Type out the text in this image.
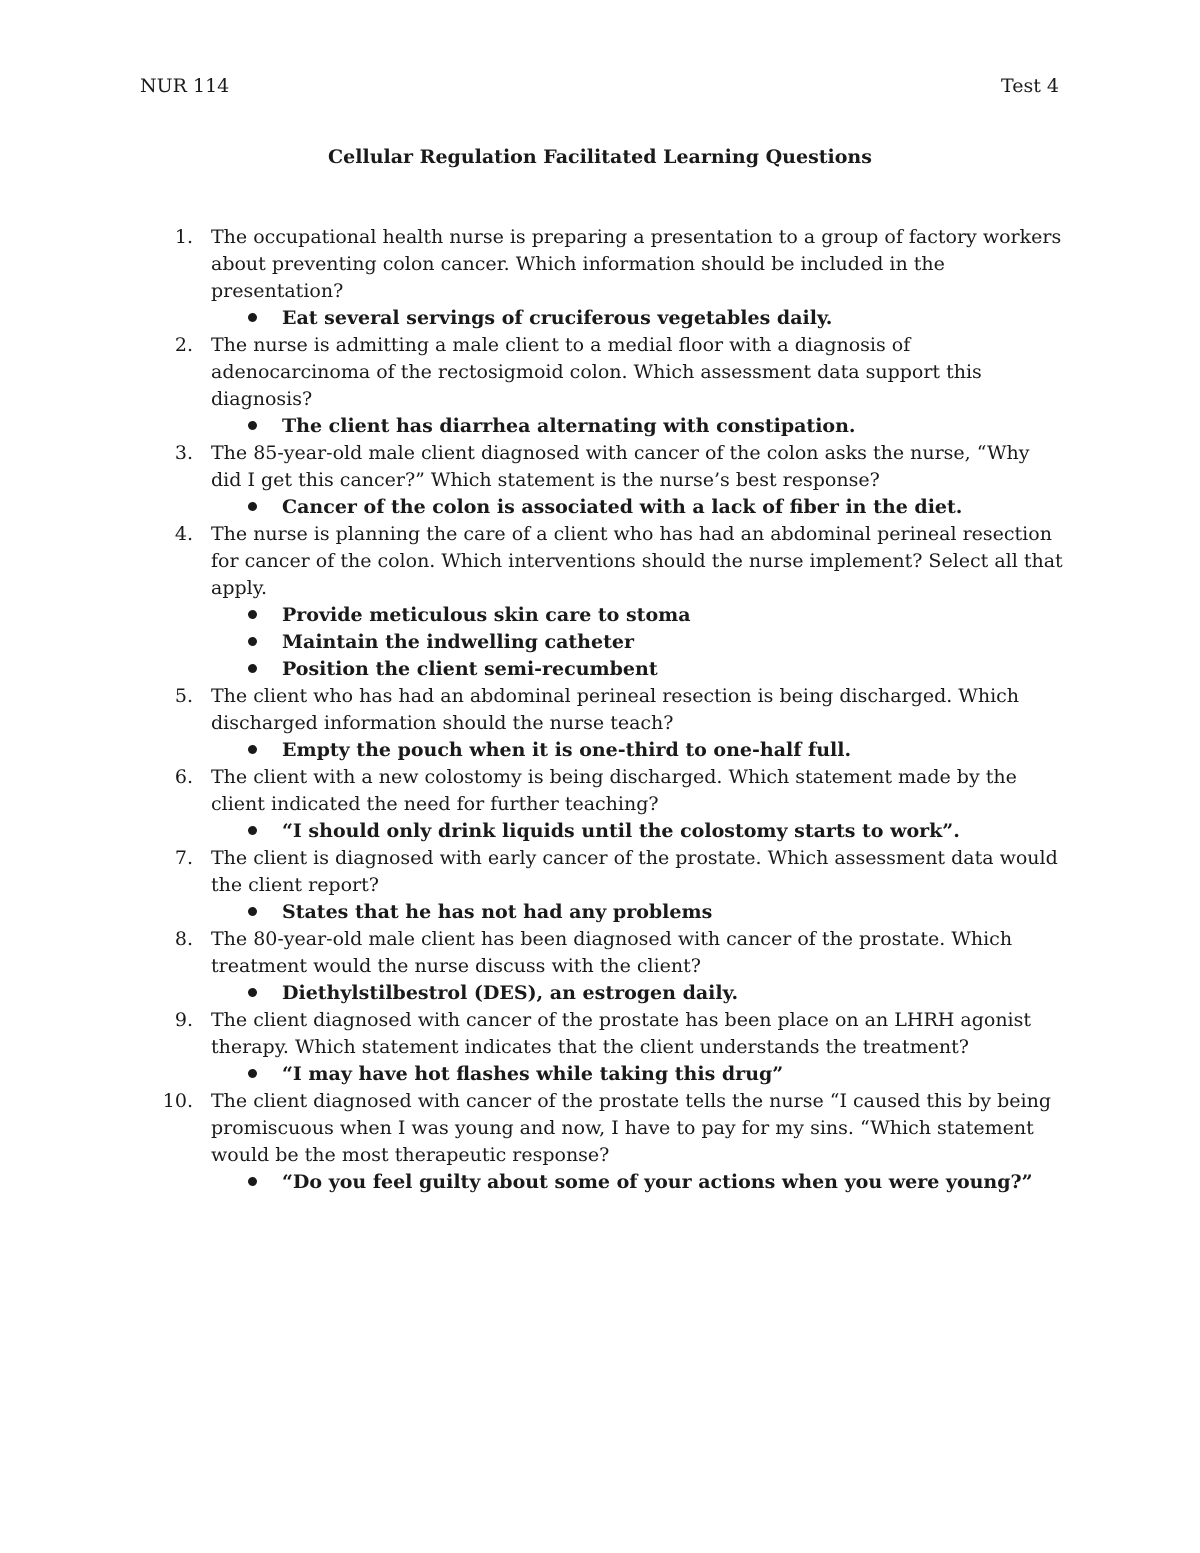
NUR 114	Test 4
Cellular Regulation Facilitated Learning Questions
1. The occupational health nurse is preparing a presentation to a group of factory workers about preventing colon cancer. Which information should be included in the presentation?
Eat several servings of cruciferous vegetables daily.
2. The nurse is admitting a male client to a medial floor with a diagnosis of adenocarcinoma of the rectosigmoid colon. Which assessment data support this diagnosis?
The client has diarrhea alternating with constipation.
3. The 85-year-old male client diagnosed with cancer of the colon asks the nurse, “Why did I get this cancer?” Which statement is the nurse’s best response?
Cancer of the colon is associated with a lack of fiber in the diet.
4. The nurse is planning the care of a client who has had an abdominal perineal resection for cancer of the colon. Which interventions should the nurse implement? Select all that apply.
Provide meticulous skin care to stoma
Maintain the indwelling catheter
Position the client semi-recumbent
5. The client who has had an abdominal perineal resection is being discharged. Which discharged information should the nurse teach?
Empty the pouch when it is one-third to one-half full.
6. The client with a new colostomy is being discharged. Which statement made by the client indicated the need for further teaching?
“I should only drink liquids until the colostomy starts to work”.
7. The client is diagnosed with early cancer of the prostate. Which assessment data would the client report?
States that he has not had any problems
8. The 80-year-old male client has been diagnosed with cancer of the prostate. Which treatment would the nurse discuss with the client?
Diethylstilbestrol (DES), an estrogen daily.
9. The client diagnosed with cancer of the prostate has been place on an LHRH agonist therapy. Which statement indicates that the client understands the treatment?
“I may have hot flashes while taking this drug”
10. The client diagnosed with cancer of the prostate tells the nurse “I caused this by being promiscuous when I was young and now, I have to pay for my sins. “Which statement would be the most therapeutic response?
“Do you feel guilty about some of your actions when you were young?”
